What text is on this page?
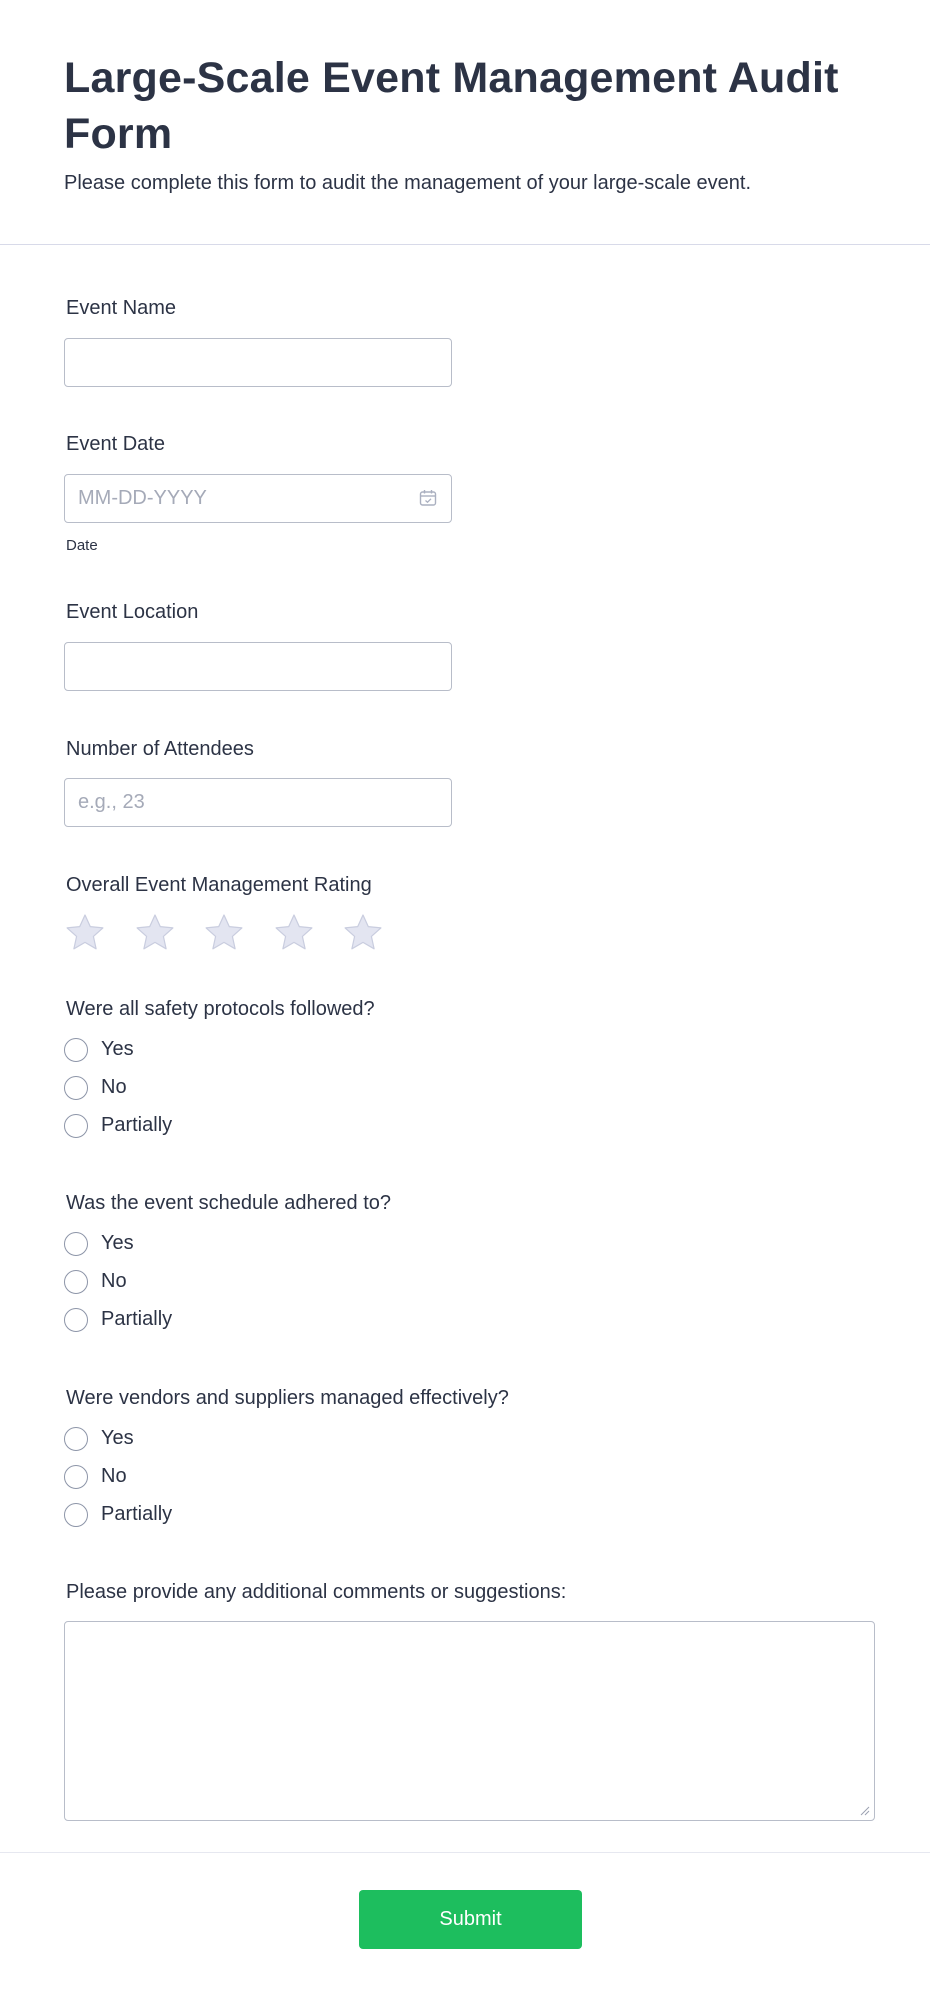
Large-Scale Event Management Audit Form

Please complete this form to audit the management of your large-scale event.

Event Name
Event Date
MM-DD-YYYY
Date
Event Location
Number of Attendees
e.g., 23
Overall Event Management Rating
Were all safety protocols followed?
Yes
No
Partially
Was the event schedule adhered to?
Yes
No
Partially
Were vendors and suppliers managed effectively?
Yes
No
Partially
Please provide any additional comments or suggestions:
Submit
